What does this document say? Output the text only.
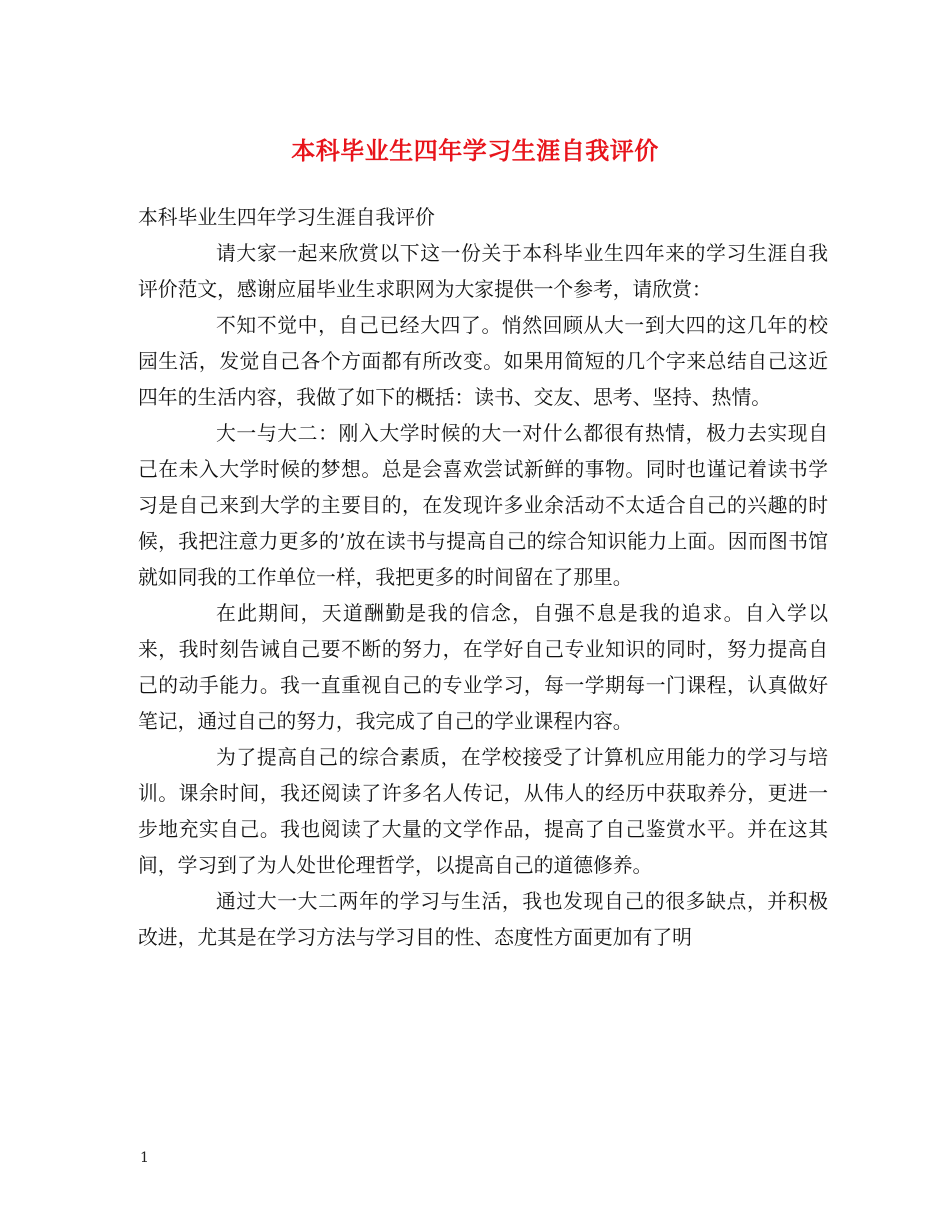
本科毕业生四年学习生涯自我评价

本科毕业生四年学习生涯自我评价

请大家一起来欣赏以下这一份关于本科毕业生四年来的学习生涯自我评价范文，感谢应届毕业生求职网为大家提供一个参考，请欣赏：

不知不觉中，自己已经大四了。悄然回顾从大一到大四的这几年的校园生活，发觉自己各个方面都有所改变。如果用简短的几个字来总结自己这近四年的生活内容，我做了如下的概括：读书、交友、思考、坚持、热情。

大一与大二：刚入大学时候的大一对什么都很有热情，极力去实现自己在未入大学时候的梦想。总是会喜欢尝试新鲜的事物。同时也谨记着读书学习是自己来到大学的主要目的，在发现许多业余活动不太适合自己的兴趣的时候，我把注意力更多的’放在读书与提高自己的综合知识能力上面。因而图书馆就如同我的工作单位一样，我把更多的时间留在了那里。

在此期间，天道酬勤是我的信念，自强不息是我的追求。自入学以来，我时刻告诫自己要不断的努力，在学好自己专业知识的同时，努力提高自己的动手能力。我一直重视自己的专业学习，每一学期每一门课程，认真做好笔记，通过自己的努力，我完成了自己的学业课程内容。

为了提高自己的综合素质，在学校接受了计算机应用能力的学习与培训。课余时间，我还阅读了许多名人传记，从伟人的经历中获取养分，更进一步地充实自己。我也阅读了大量的文学作品，提高了自己鉴赏水平。并在这其间，学习到了为人处世伦理哲学，以提高自己的道德修养。

通过大一大二两年的学习与生活，我也发现自己的很多缺点，并积极改进，尤其是在学习方法与学习目的性、态度性方面更加有了明

1
